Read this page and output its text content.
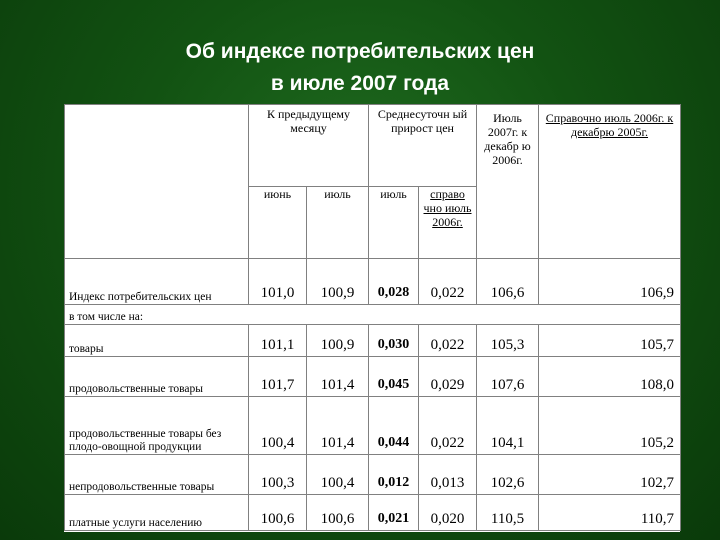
Об индексе потребительских цен
в июле 2007 года
	К предыдущему месяцу		Среднесуточн ый прирост цен		Июль 2007г. к декабр ю 2006г.	Справочно июль 2006г. к декабрю 2005г.
	июнь	июль	июль	справо чно июль 2006г.		
Индекс потребительских цен	101,0	100,9	0,028	0,022	106,6	106,9
в том числе на:						
товары	101,1	100,9	0,030	0,022	105,3	105,7
продовольственные товары	101,7	101,4	0,045	0,029	107,6	108,0
продовольственные товары без плодо-овощной продукции	100,4	101,4	0,044	0,022	104,1	105,2
непродовольственные товары	100,3	100,4	0,012	0,013	102,6	102,7
платные услуги населению	100,6	100,6	0,021	0,020	110,5	110,7
